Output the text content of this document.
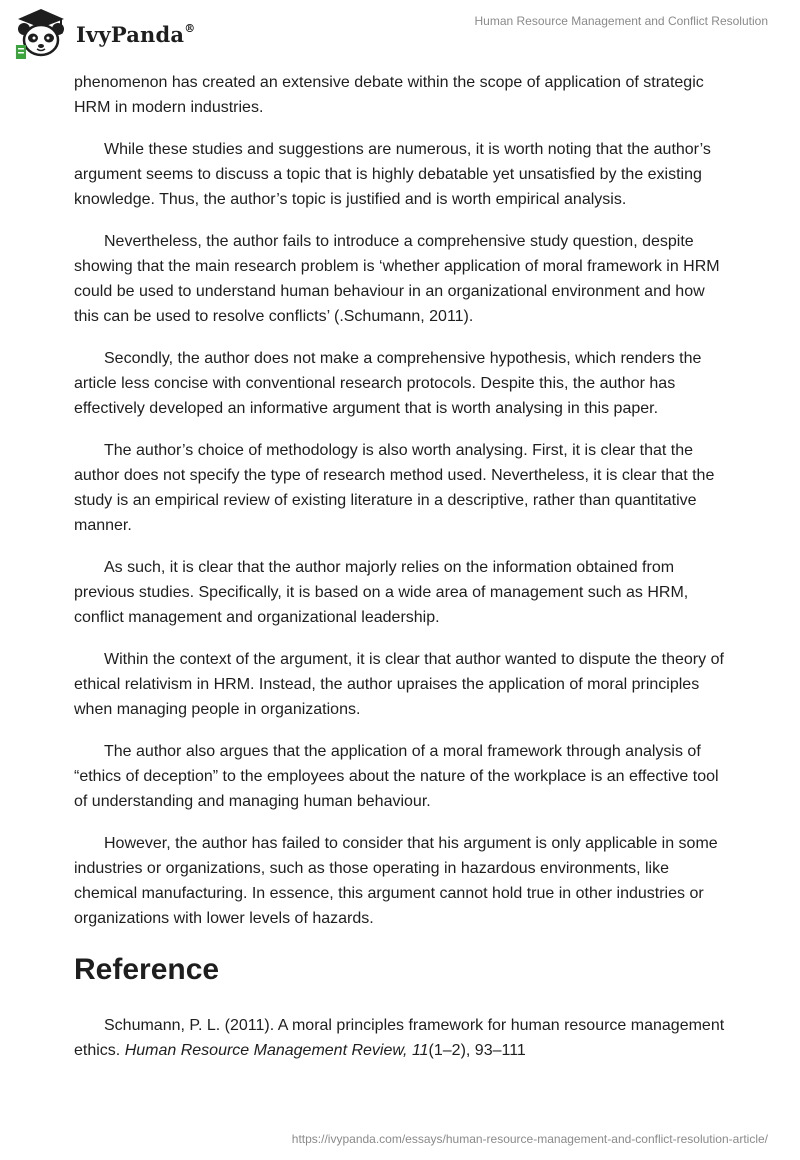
IvyPanda®	Human Resource Management and Conflict Resolution

phenomenon has created an extensive debate within the scope of application of strategic HRM in modern industries.

While these studies and suggestions are numerous, it is worth noting that the author’s argument seems to discuss a topic that is highly debatable yet unsatisfied by the existing knowledge. Thus, the author’s topic is justified and is worth empirical analysis.

Nevertheless, the author fails to introduce a comprehensive study question, despite showing that the main research problem is ‘whether application of moral framework in HRM could be used to understand human behaviour in an organizational environment and how this can be used to resolve conflicts’ (.Schumann, 2011).

Secondly, the author does not make a comprehensive hypothesis, which renders the article less concise with conventional research protocols. Despite this, the author has effectively developed an informative argument that is worth analysing in this paper.

The author’s choice of methodology is also worth analysing. First, it is clear that the author does not specify the type of research method used. Nevertheless, it is clear that the study is an empirical review of existing literature in a descriptive, rather than quantitative manner.

As such, it is clear that the author majorly relies on the information obtained from previous studies. Specifically, it is based on a wide area of management such as HRM, conflict management and organizational leadership.

Within the context of the argument, it is clear that author wanted to dispute the theory of ethical relativism in HRM. Instead, the author upraises the application of moral principles when managing people in organizations.

The author also argues that the application of a moral framework through analysis of “ethics of deception” to the employees about the nature of the workplace is an effective tool of understanding and managing human behaviour.

However, the author has failed to consider that his argument is only applicable in some industries or organizations, such as those operating in hazardous environments, like chemical manufacturing. In essence, this argument cannot hold true in other industries or organizations with lower levels of hazards.

Reference

Schumann, P. L. (2011). A moral principles framework for human resource management ethics. Human Resource Management Review, 11(1–2), 93–111

https://ivypanda.com/essays/human-resource-management-and-conflict-resolution-article/
